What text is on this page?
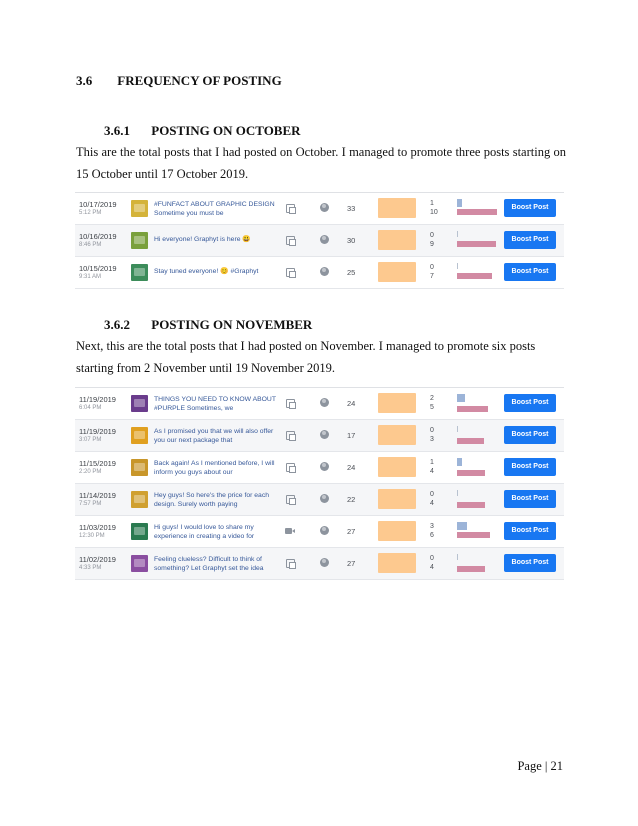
3.6 FREQUENCY OF POSTING
3.6.1 POSTING ON OCTOBER

This are the total posts that I had posted on October. I managed to promote three posts starting on

15 October until 17 October 2019.

10/17/2019
5:12 PM
#FUNFACT ABOUT GRAPHIC DESIGN Sometime you must be
33
1
10
Boost Post
10/16/2019
8:46 PM
Hi everyone! Graphyt is here 😃	30
0
9
Boost Post
10/15/2019
9:31 AM
Stay tuned everyone! 😊 #Graphyt	25
0
7
Boost Post
3.6.2 POSTING ON NOVEMBER

Next, this are the total posts that I had posted on November. I managed to promote six posts

starting from 2 November until 19 November 2019.

11/19/2019
6:04 PM
THINGS YOU NEED TO KNOW ABOUT #PURPLE Sometimes, we
24
2
5
Boost Post
11/19/2019
3:07 PM
As I promised you that we will also offer you our next package that
17
0
3
Boost Post
11/15/2019
2:20 PM
Back again! As I mentioned before, I will inform you guys about our
24
1
4
Boost Post
11/14/2019
7:57 PM
Hey guys! So here's the price for each design. Surely worth paying
22
0
4
Boost Post
11/03/2019
12:30 PM
Hi guys! I would love to share my experience in creating a video for
27
3
6
Boost Post
11/02/2019
4:33 PM
Feeling clueless? Difficult to think of something? Let Graphyt set the idea
27
0
4
Boost Post
Page | 21
